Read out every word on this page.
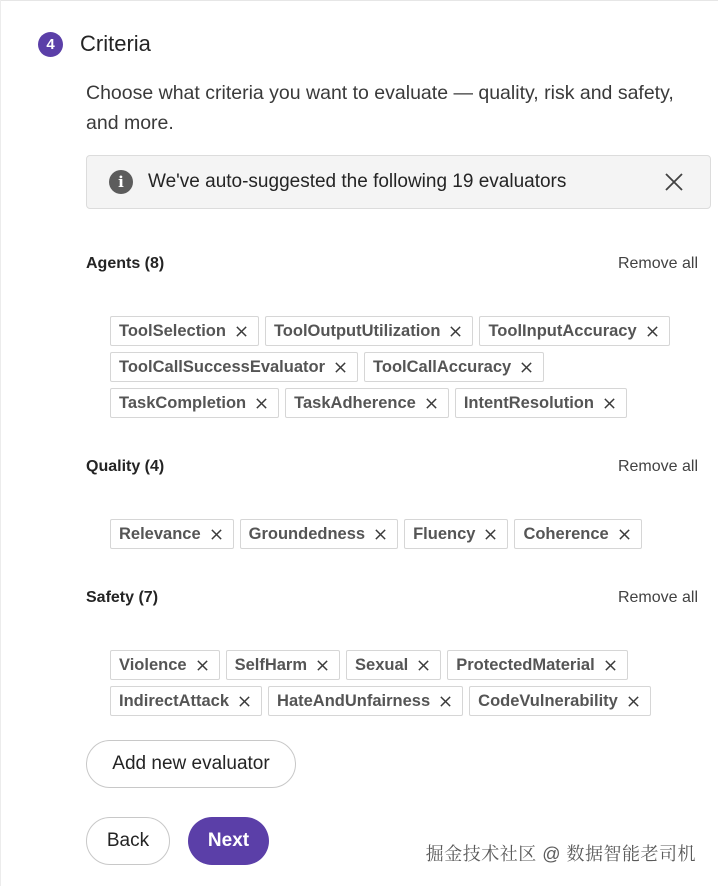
4	Criteria
Choose what criteria you want to evaluate — quality, risk and safety, and more.
i	We've auto-suggested the following 19 evaluators
Agents (8)	Remove all
ToolSelection	ToolOutputUtilization	ToolInputAccuracy
ToolCallSuccessEvaluator	ToolCallAccuracy
TaskCompletion	TaskAdherence	IntentResolution
Quality (4)	Remove all
Relevance	Groundedness	Fluency	Coherence
Safety (7)	Remove all
Violence	SelfHarm	Sexual	ProtectedMaterial
IndirectAttack	HateAndUnfairness	CodeVulnerability
Add new evaluator
Back	Next
掘金技术社区 @ 数据智能老司机
